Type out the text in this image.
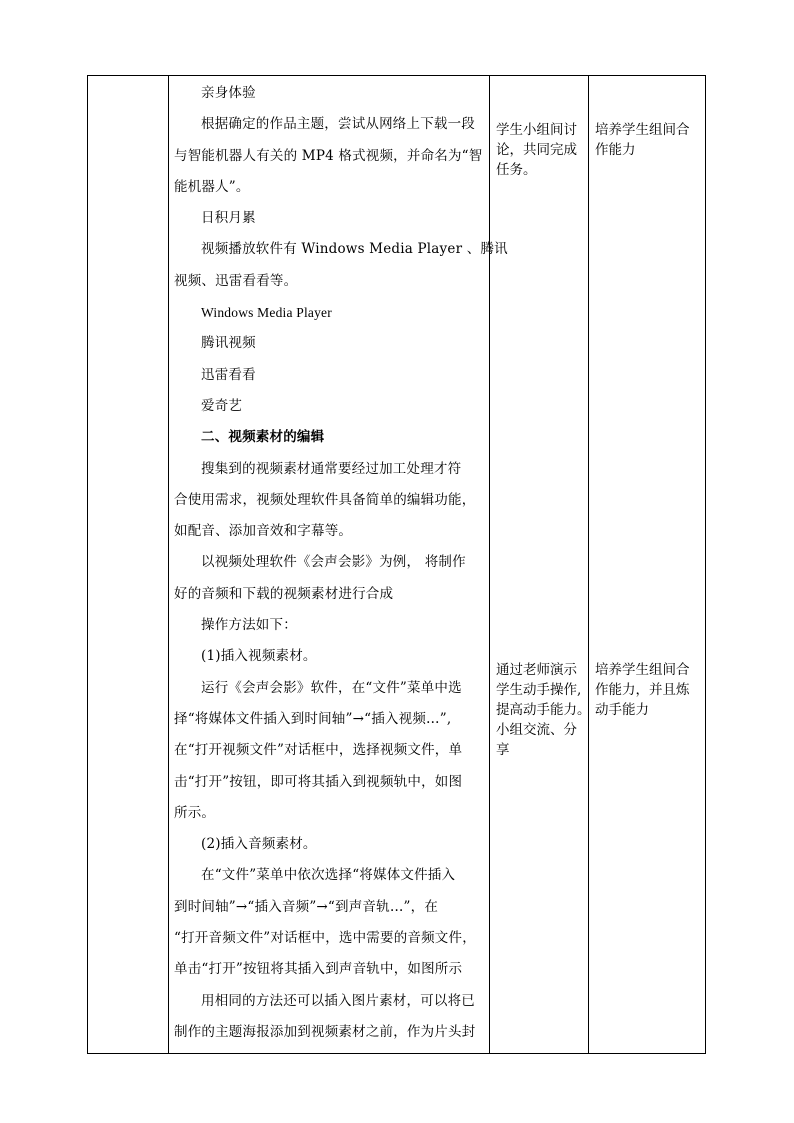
亲身体验

根据确定的作品主题，尝试从网络上下载一段

与智能机器人有关的 MP4 格式视频，并命名为“智

能机器人”。

日积月累

视频播放软件有 Windows Media Player 、腾讯

视频、迅雷看看等。

Windows Media Player

腾讯视频

迅雷看看

爱奇艺

二、视频素材的编辑

搜集到的视频素材通常要经过加工处理才符

合使用需求，视频处理软件具备简单的编辑功能，

如配音、添加音效和字幕等。

以视频处理软件《会声会影》为例， 将制作

好的音频和下载的视频素材进行合成

操作方法如下：

(1)插入视频素材。

运行《会声会影》软件，在“文件”菜单中选

择“将媒体文件插入到时间轴”→“插入视频…”,

在“打开视频文件”对话框中，选择视频文件，单

击“打开”按钮，即可将其插入到视频轨中，如图

所示。

(2)插入音频素材。

在“文件”菜单中依次选择“将媒体文件插入

到时间轴”→“插入音频”→“到声音轨…”，在

“打开音频文件”对话框中，选中需要的音频文件，

单击“打开”按钮将其插入到声音轨中，如图所示

用相同的方法还可以插入图片素材，可以将已

制作的主题海报添加到视频素材之前，作为片头封

学生小组间讨
论，共同完成
任务。
通过老师演示
学生动手操作,
提高动手能力。
小组交流、分
享
培养学生组间合
作能力
培养学生组间合
作能力，并且炼
动手能力
